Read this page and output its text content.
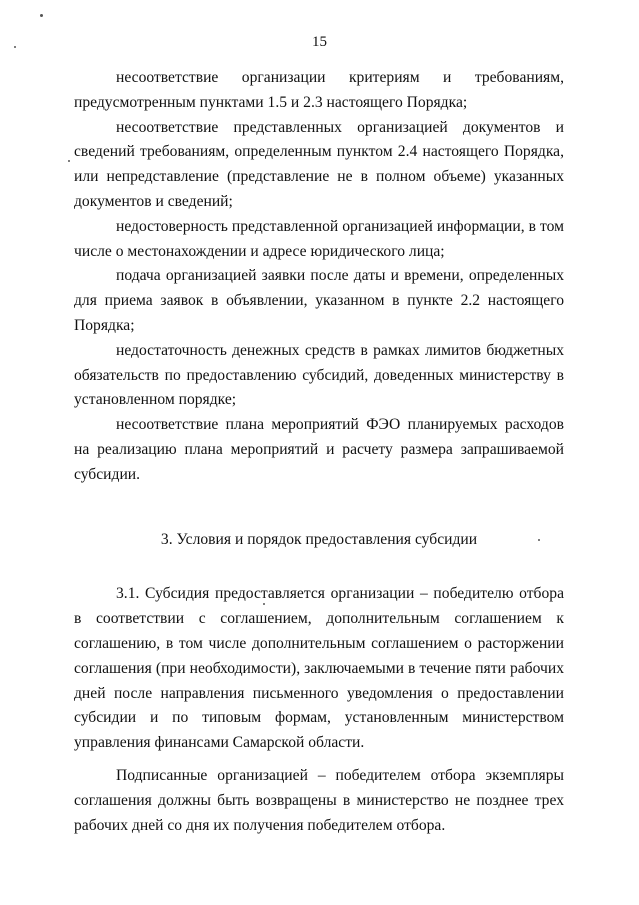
15

несоответствие организации критериям и требованиям, предусмотренным пунктами 1.5 и 2.3 настоящего Порядка;

несоответствие представленных организацией документов и сведений требованиям, определенным пунктом 2.4 настоящего Порядка, или непредставление (представление не в полном объеме) указанных документов и сведений;

недостоверность представленной организацией информации, в том числе о местонахождении и адресе юридического лица;

подача организацией заявки после даты и времени, определенных для приема заявок в объявлении, указанном в пункте 2.2 настоящего Порядка;

недостаточность денежных средств в рамках лимитов бюджетных обязательств по предоставлению субсидий, доведенных министерству в установленном порядке;

несоответствие плана мероприятий ФЭО планируемых расходов на реализацию плана мероприятий и расчету размера запрашиваемой субсидии.

3. Условия и порядок предоставления субсидии

3.1. Субсидия предоставляется организации – победителю отбора в соответствии с соглашением, дополнительным соглашением к соглашению, в том числе дополнительным соглашением о расторжении соглашения (при необходимости), заключаемыми в течение пяти рабочих дней после направления письменного уведомления о предоставлении субсидии и по типовым формам, установленным министерством управления финансами Самарской области.

Подписанные организацией – победителем отбора экземпляры соглашения должны быть возвращены в министерство не позднее трех рабочих дней со дня их получения победителем отбора.
